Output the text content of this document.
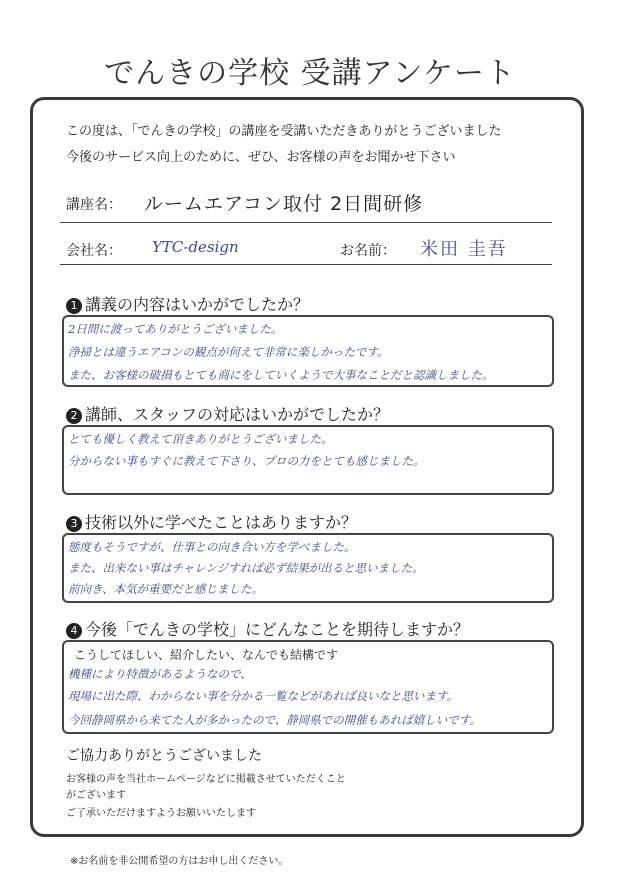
でんきの学校 受講アンケート
この度は、「でんきの学校」の講座を受講いただきありがとうございました
今後のサービス向上のために、ぜひ、お客様の声をお聞かせ下さい
講座名： ルームエアコン取付 2日間研修
会社名： YTC-design	お名前： 米田 圭吾
1 講義の内容はいかがでしたか？
2日間に渡ってありがとうございました。
浄掃とは違うエアコンの観点が何えて非常に楽しかったです。
また、お客様の破損もとても商にをしていくようで大事なことだと認識しました。
2 講師、スタッフの対応はいかがでしたか？
とても優しく教えて頂きありがとうございました。
分からない事もすぐに教えて下さり、プロの力をとても感じました。
3 技術以外に学べたことはありますか？
態度もそうですが、仕事との向き合い方を学べました。
また、出来ない事はチャレンジすれば必ず結果が出ると思いました。
前向き、本気が重要だと感じました。
4 今後「でんきの学校」にどんなことを期待しますか？
こうしてほしい、紹介したい、なんでも結構です
機種により特徴があるようなので、
現場に出た際、わからない事を分かる一覧などがあれば良いなと思います。
今回静岡県から来てた人が多かったので、静岡県での開催もあれば嬉しいです。
ご協力ありがとうございました
お客様の声を当社ホームページなどに掲載させていただくこと
がございます
ご了承いただけますようお願いいたします
※お名前を非公開希望の方はお申し出ください。
